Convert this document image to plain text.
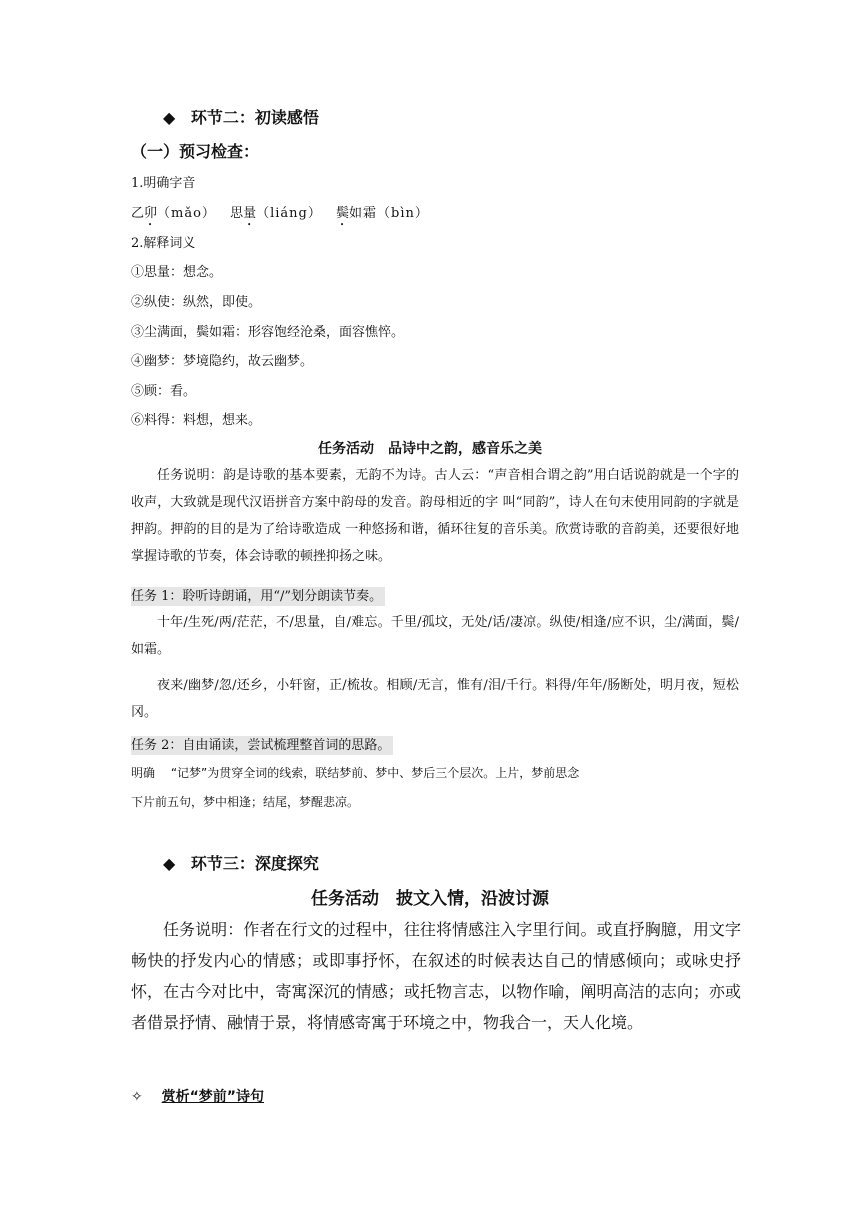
◆ 环节二：初读感悟
（一）预习检查：
1.明确字音
乙卯（mǎo） 思量（liáng） 鬓如霜（bìn）
2.解释词义
①思量：想念。
②纵使：纵然，即使。
③尘满面，鬓如霜：形容饱经沧桑，面容憔悴。
④幽梦：梦境隐约，故云幽梦。
⑤顾：看。
⑥料得：料想，想来。
任务活动　品诗中之韵，感音乐之美

任务说明：韵是诗歌的基本要素，无韵不为诗。古人云：“声音相合谓之韵”用白话说韵就是一个字的收声，大致就是现代汉语拼音方案中韵母的发音。韵母相近的字 叫“同韵”，诗人在句末使用同韵的字就是押韵。押韵的目的是为了给诗歌造成 一种悠扬和谐，循环往复的音乐美。欣赏诗歌的音韵美，还要很好地掌握诗歌的节奏，体会诗歌的顿挫抑扬之味。

任务 1：聆听诗朗诵，用“/”划分朗读节奏。

十年/生死/两/茫茫，不/思量，自/难忘。千里/孤坟，无处/话/凄凉。纵使/相逢/应不识，尘/满面，鬓/如霜。

夜来/幽梦/忽/还乡，小轩窗，正/梳妆。相顾/无言，惟有/泪/千行。料得/年年/肠断处，明月夜，短松冈。

任务 2：自由诵读，尝试梳理整首词的思路。
明确　 “记梦”为贯穿全词的线索，联结梦前、梦中、梦后三个层次。上片，梦前思念
下片前五句，梦中相逢；结尾，梦醒悲凉。
◆ 环节三：深度探究
任务活动　披文入情，沿波讨源

任务说明：作者在行文的过程中，往往将情感注入字里行间。或直抒胸臆，用文字畅快的抒发内心的情感；或即事抒怀，在叙述的时候表达自己的情感倾向；或咏史抒怀，在古今对比中，寄寓深沉的情感；或托物言志，以物作喻，阐明高洁的志向；亦或者借景抒情、融情于景，将情感寄寓于环境之中，物我合一，天人化境。

✧ 赏析“梦前”诗句
